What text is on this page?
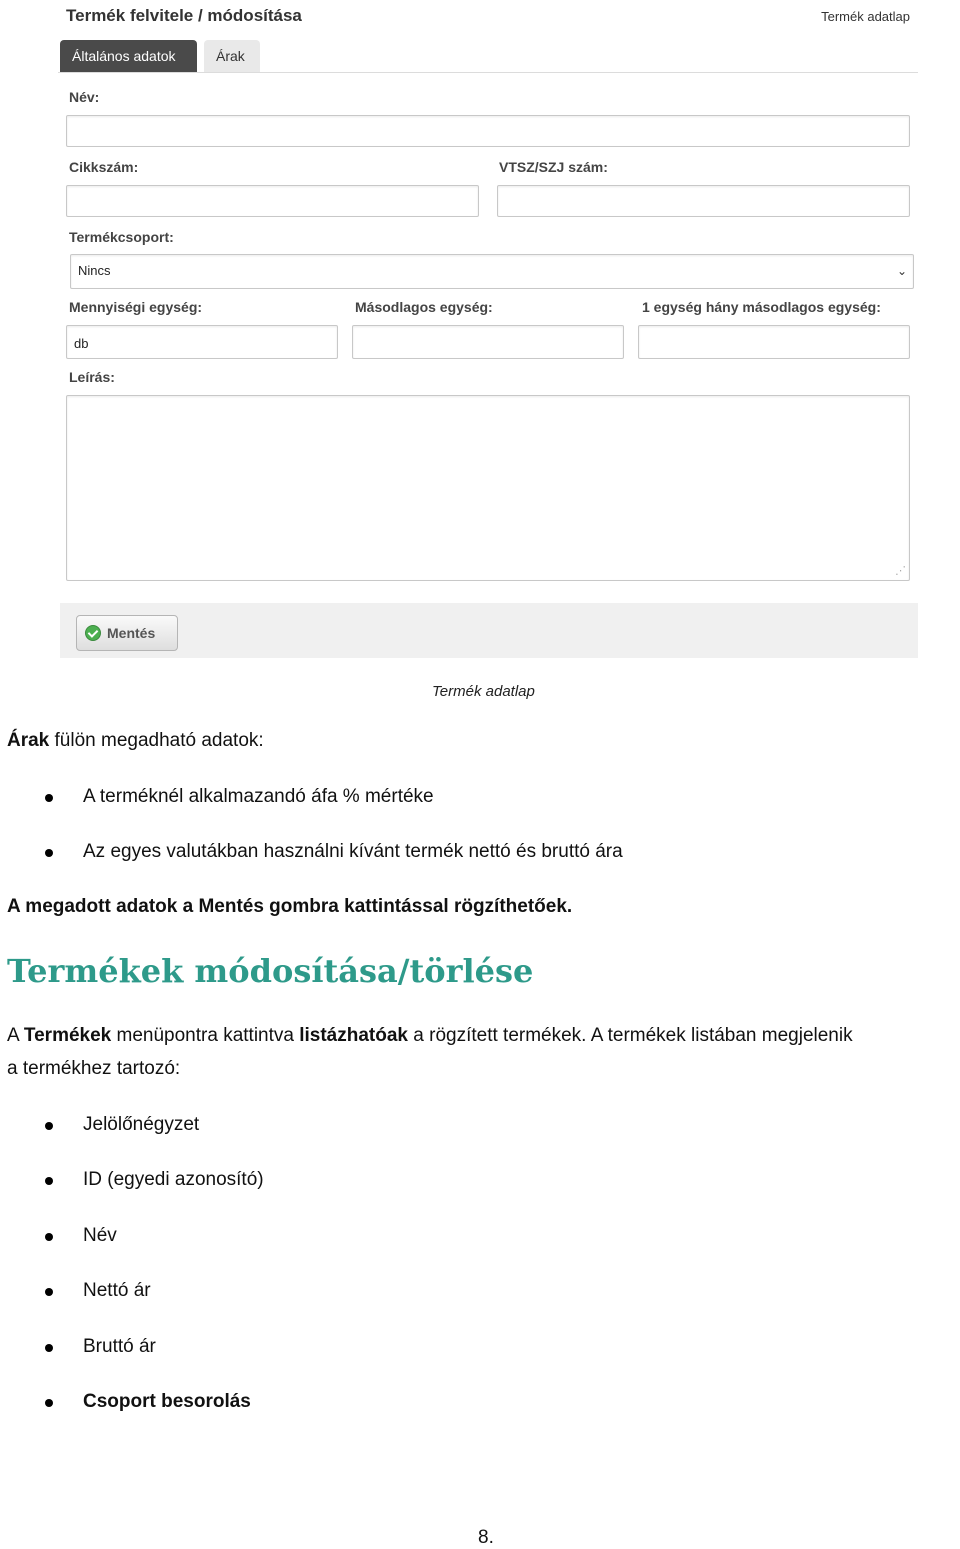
Termék felvitele / módosítása	Termék adatlap
Általános adatok	Árak
Név:
Cikkszám:	VTSZ/SZJ szám:
Termékcsoport:
Nincs	⌄
Mennyiségi egység:
db
Másodlagos egység:	1 egység hány másodlagos egység:
Leírás:
⋰
Mentés
Termék adatlap
Árak fülön megadható adatok:
A terméknél alkalmazandó áfa % mértéke
Az egyes valutákban használni kívánt termék nettó és bruttó ára
A megadott adatok a Mentés gombra kattintással rögzíthetőek.
Termékek módosítása/törlése
A Termékek menüpontra kattintva listázhatóak a rögzített termékek. A termékek listában megjelenik
a termékhez tartozó:
Jelölőnégyzet
ID (egyedi azonosító)
Név
Nettó ár
Bruttó ár
Csoport besorolás
8.
